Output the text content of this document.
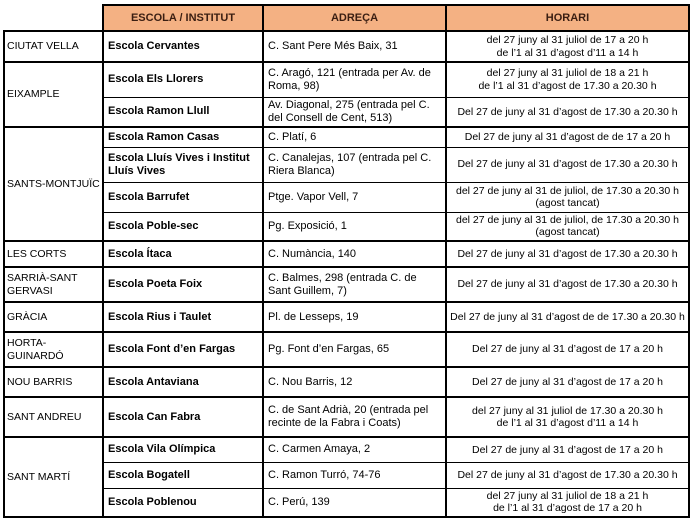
	ESCOLA / INSTITUT	ADREÇA	HORARI
CIUTAT VELLA	Escola Cervantes	C. Sant Pere Més Baix, 31	del 27 juny al 31 juliol de 17 a 20 h
de l’1 al 31 d’agost d’11 a 14 h

EIXAMPLE	Escola Els Llorers	C. Aragó, 121 (entrada per Av. de Roma, 98)	del 27 juny al 31 juliol de 18 a 21 h
de l’1 al 31 d’agost de 17.30 a 20.30 h

	Escola Ramon Llull	Av. Diagonal, 275 (entrada pel C. del Consell de Cent, 513)	Del 27 de juny al 31 d’agost de 17.30 a 20.30 h

SANTS-MONTJUÏC	Escola Ramon Casas	C. Platí, 6	Del 27 de juny al 31 d’agost de de 17 a 20 h

	Escola Lluís Vives i Institut Lluís Vives	C. Canalejas, 107 (entrada pel C. Riera Blanca)	Del 27 de juny al 31 d’agost de 17.30 a 20.30 h

	Escola Barrufet	Ptge. Vapor Vell, 7	del 27 de juny al 31 de juliol, de 17.30 a 20.30 h
(agost tancat)

	Escola Poble-sec	Pg. Exposició, 1	del 27 de juny al 31 de juliol, de 17.30 a 20.30 h
(agost tancat)

LES CORTS	Escola Ítaca	C. Numància, 140	Del 27 de juny al 31 d’agost de 17.30 a 20.30 h

SARRIÀ-SANT GERVASI	Escola Poeta Foix	C. Balmes, 298 (entrada C. de Sant Guillem, 7)	Del 27 de juny al 31 d’agost de 17.30 a 20.30 h

GRÀCIA	Escola Rius i Taulet	Pl. de Lesseps, 19	Del 27 de juny al 31 d’agost de de 17.30 a 20.30 h

HORTA-GUINARDÓ	Escola Font d’en Fargas	Pg. Font d’en Fargas, 65	Del 27 de juny al 31 d’agost de 17 a 20 h

NOU BARRIS	Escola Antaviana	C. Nou Barris, 12	Del 27 de juny al 31 d’agost de 17 a 20 h

SANT ANDREU	Escola Can Fabra	C. de Sant Adrià, 20 (entrada pel recinte de la Fabra i Coats)	del 27 juny al 31 juliol de 17.30 a 20.30 h
de l’1 al 31 d’agost d’11 a 14 h

SANT MARTÍ	Escola Vila Olímpica	C. Carmen Amaya, 2	Del 27 de juny al 31 d’agost de 17 a 20 h

	Escola Bogatell	C. Ramon Turró, 74-76	Del 27 de juny al 31 d’agost de 17.30 a 20.30 h

	Escola Poblenou	C. Perú, 139	del 27 juny al 31 juliol de 18 a 21 h
de l’1 al 31 d’agost de 17 a 20 h
